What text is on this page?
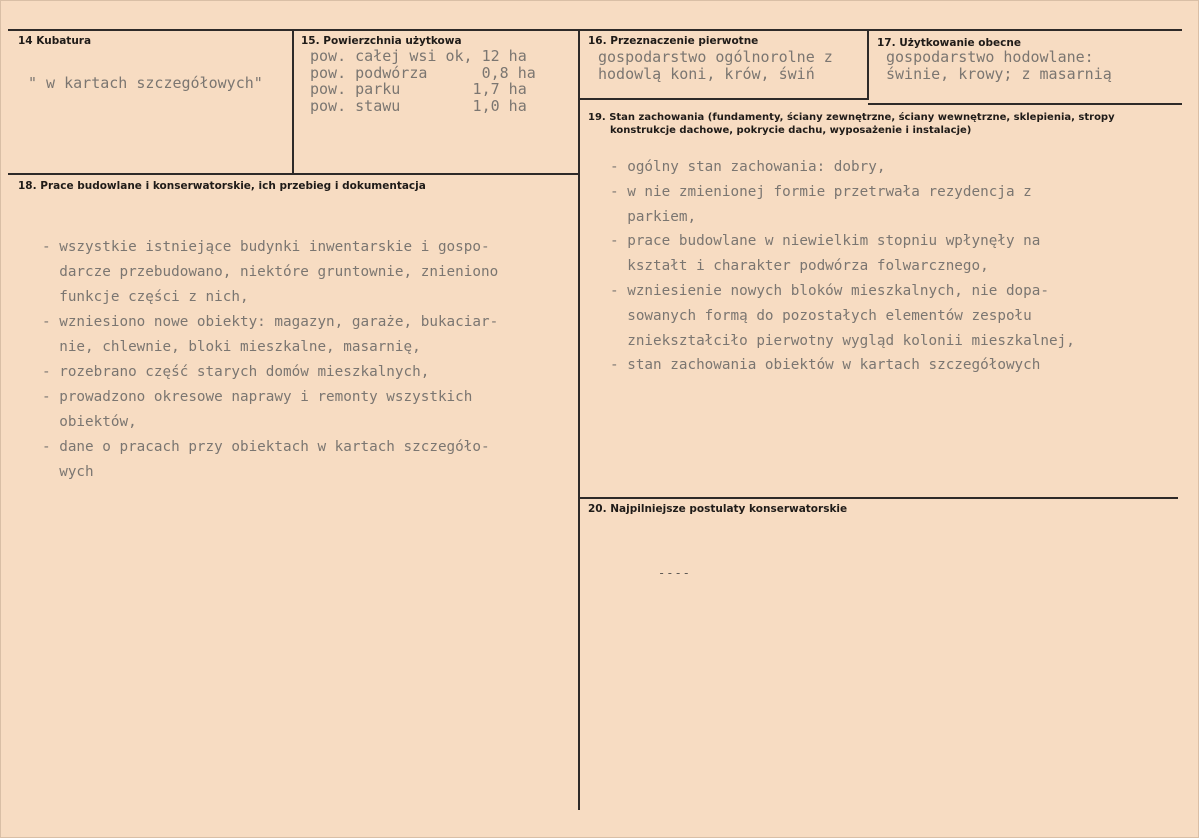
14 Kubatura
" w kartach szczegółowych"
15. Powierzchnia użytkowa
pow. całej wsi ok, 12 ha
pow. podwórza      0,8 ha
pow. parku        1,7 ha
pow. stawu        1,0 ha
16. Przeznaczenie pierwotne
gospodarstwo ogólnorolne z
hodowlą koni, krów, świń
17. Użytkowanie obecne
gospodarstwo hodowlane:
świnie, krowy; z masarnią
19. Stan zachowania (fundamenty, ściany zewnętrzne, ściany wewnętrzne, sklepienia, stropy
konstrukcje dachowe, pokrycie dachu, wyposażenie i instalacje)
- ogólny stan zachowania: dobry,
- w nie zmienionej formie przetrwała rezydencja z
parkiem,
- prace budowlane w niewielkim stopniu wpłynęły na
kształt i charakter podwórza folwarcznego,
- wzniesienie nowych bloków mieszkalnych, nie dopa-
sowanych formą do pozostałych elementów zespołu
zniekształciło pierwotny wygląd kolonii mieszkalnej,
- stan zachowania obiektów w kartach szczegółowych
18. Prace budowlane i konserwatorskie, ich przebieg i dokumentacja
- wszystkie istniejące budynki inwentarskie i gospo-
darcze przebudowano, niektóre gruntownie, znieniono
funkcje części z nich,
- wzniesiono nowe obiekty: magazyn, garaże, bukaciar-
nie, chlewnie, bloki mieszkalne, masarnię,
- rozebrano część starych domów mieszkalnych,
- prowadzono okresowe naprawy i remonty wszystkich
obiektów,
- dane o pracach przy obiektach w kartach szczegóło-
wych
20. Najpilniejsze postulaty konserwatorskie
----
